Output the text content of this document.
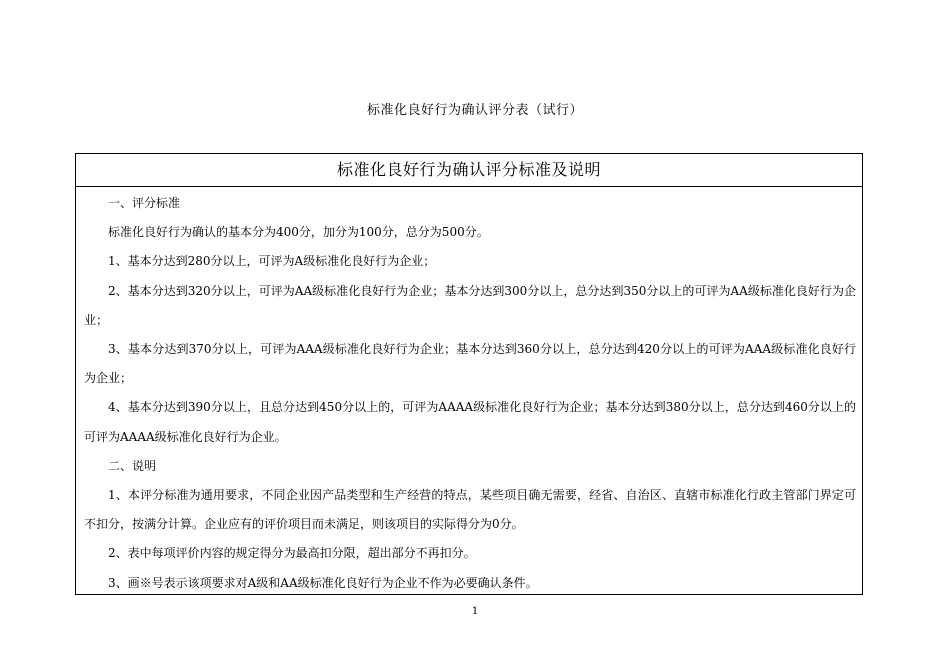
标准化良好行为确认评分表（试行）
标准化良好行为确认评分标准及说明

一、评分标准

标准化良好行为确认的基本分为400分，加分为100分，总分为500分。

1、基本分达到280分以上，可评为A级标准化良好行为企业；

2、基本分达到320分以上，可评为AA级标准化良好行为企业；基本分达到300分以上，总分达到350分以上的可评为AA级标准化良好行为企业；

3、基本分达到370分以上，可评为AAA级标准化良好行为企业；基本分达到360分以上，总分达到420分以上的可评为AAA级标准化良好行为企业；

4、基本分达到390分以上，且总分达到450分以上的，可评为AAAA级标准化良好行为企业；基本分达到380分以上，总分达到460分以上的可评为AAAA级标准化良好行为企业。

二、说明

1、本评分标准为通用要求，不同企业因产品类型和生产经营的特点，某些项目确无需要，经省、自治区、直辖市标准化行政主管部门界定可不扣分，按满分计算。企业应有的评价项目而未满足，则该项目的实际得分为0分。

2、表中每项评价内容的规定得分为最高扣分限，超出部分不再扣分。

3、画※号表示该项要求对A级和AA级标准化良好行为企业不作为必要确认条件。

1
